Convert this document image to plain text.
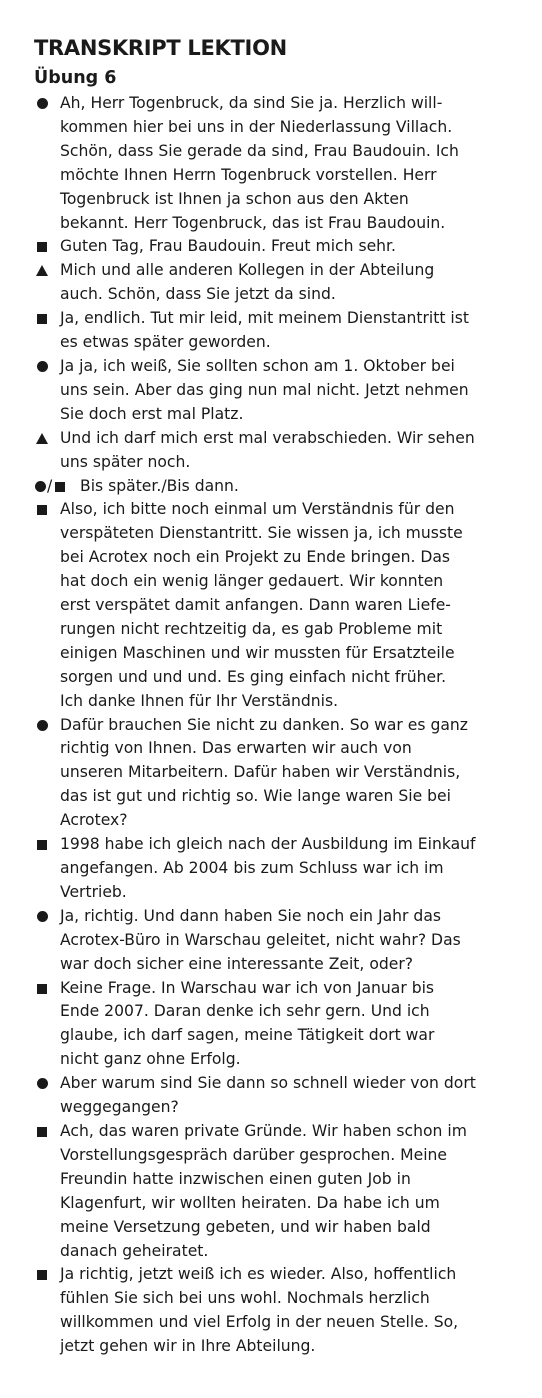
TRANSKRIPT LEKTION
Übung 6
Ah, Herr Togenbruck, da sind Sie ja. Herzlich will-
kommen hier bei uns in der Niederlassung Villach.
Schön, dass Sie gerade da sind, Frau Baudouin. Ich
möchte Ihnen Herrn Togenbruck vorstellen. Herr
Togenbruck ist Ihnen ja schon aus den Akten
bekannt. Herr Togenbruck, das ist Frau Baudouin.
Guten Tag, Frau Baudouin. Freut mich sehr.
Mich und alle anderen Kollegen in der Abteilung
auch. Schön, dass Sie jetzt da sind.
Ja, endlich. Tut mir leid, mit meinem Dienstantritt ist
es etwas später geworden.
Ja ja, ich weiß, Sie sollten schon am 1. Oktober bei
uns sein. Aber das ging nun mal nicht. Jetzt nehmen
Sie doch erst mal Platz.
Und ich darf mich erst mal verabschieden. Wir sehen
uns später noch.
/ Bis später./Bis dann.
Also, ich bitte noch einmal um Verständnis für den
verspäteten Dienstantritt. Sie wissen ja, ich musste
bei Acrotex noch ein Projekt zu Ende bringen. Das
hat doch ein wenig länger gedauert. Wir konnten
erst verspätet damit anfangen. Dann waren Liefe-
rungen nicht rechtzeitig da, es gab Probleme mit
einigen Maschinen und wir mussten für Ersatzteile
sorgen und und und. Es ging einfach nicht früher.
Ich danke Ihnen für Ihr Verständnis.
Dafür brauchen Sie nicht zu danken. So war es ganz
richtig von Ihnen. Das erwarten wir auch von
unseren Mitarbeitern. Dafür haben wir Verständnis,
das ist gut und richtig so. Wie lange waren Sie bei
Acrotex?
1998 habe ich gleich nach der Ausbildung im Einkauf
angefangen. Ab 2004 bis zum Schluss war ich im
Vertrieb.
Ja, richtig. Und dann haben Sie noch ein Jahr das
Acrotex-Büro in Warschau geleitet, nicht wahr? Das
war doch sicher eine interessante Zeit, oder?
Keine Frage. In Warschau war ich von Januar bis
Ende 2007. Daran denke ich sehr gern. Und ich
glaube, ich darf sagen, meine Tätigkeit dort war
nicht ganz ohne Erfolg.
Aber warum sind Sie dann so schnell wieder von dort
weggegangen?
Ach, das waren private Gründe. Wir haben schon im
Vorstellungsgespräch darüber gesprochen. Meine
Freundin hatte inzwischen einen guten Job in
Klagenfurt, wir wollten heiraten. Da habe ich um
meine Versetzung gebeten, und wir haben bald
danach geheiratet.
Ja richtig, jetzt weiß ich es wieder. Also, hoffentlich
fühlen Sie sich bei uns wohl. Nochmals herzlich
willkommen und viel Erfolg in der neuen Stelle. So,
jetzt gehen wir in Ihre Abteilung.
